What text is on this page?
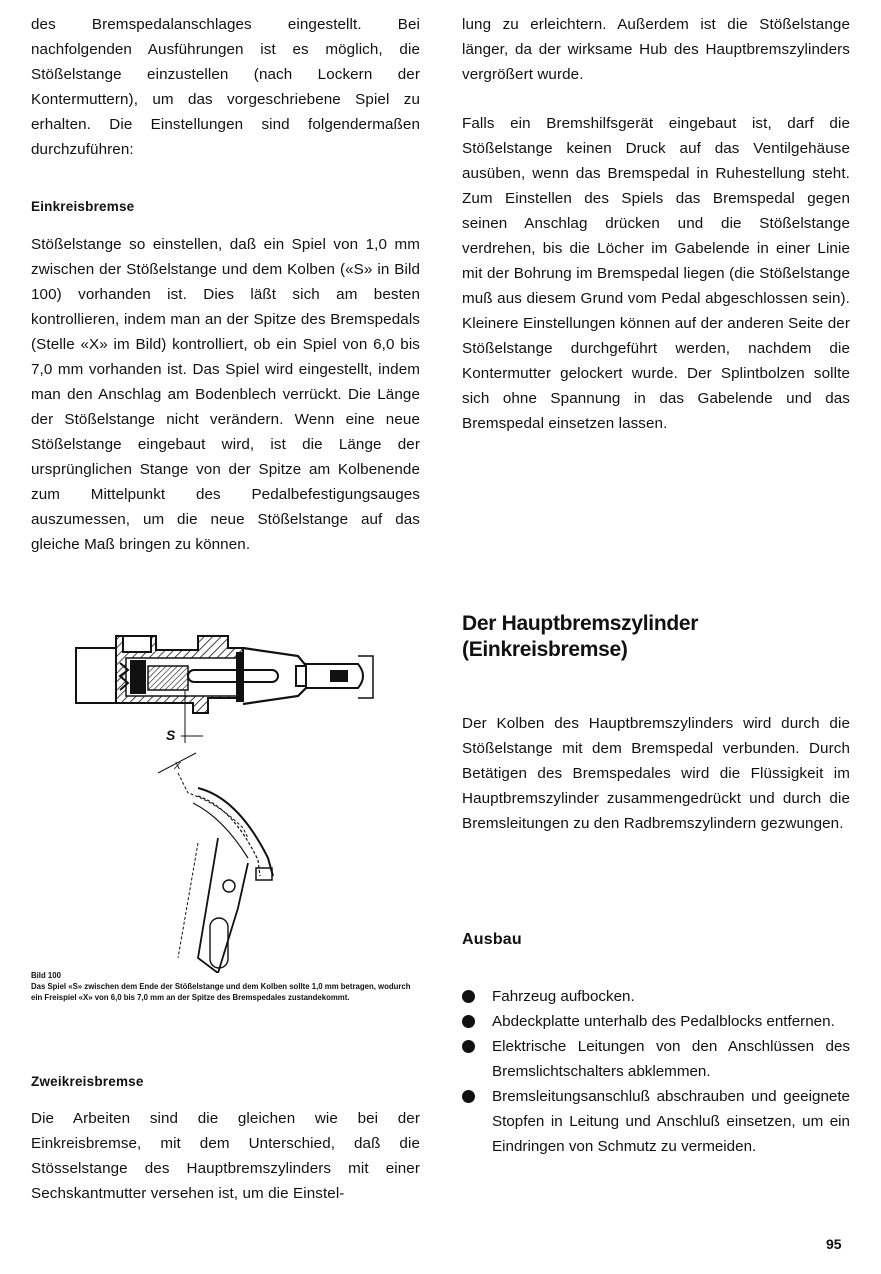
des Bremspedalanschlages eingestellt. Bei nachfolgenden Ausführungen ist es möglich, die Stößelstange einzustellen (nach Lockern der Kontermuttern), um das vorgeschriebene Spiel zu erhalten. Die Einstellungen sind folgendermaßen durchzuführen:

Einkreisbremse

Stößelstange so einstellen, daß ein Spiel von 1,0 mm zwischen der Stößelstange und dem Kolben («S» in Bild 100) vorhanden ist. Dies läßt sich am besten kontrollieren, indem man an der Spitze des Bremspedals (Stelle «X» im Bild) kontrolliert, ob ein Spiel von 6,0 bis 7,0 mm vorhanden ist. Das Spiel wird eingestellt, indem man den Anschlag am Bodenblech verrückt. Die Länge der Stößelstange nicht verändern. Wenn eine neue Stößelstange eingebaut wird, ist die Länge der ursprünglichen Stange von der Spitze am Kolbenende zum Mittelpunkt des Pedalbefestigungsauges auszumessen, um die neue Stößelstange auf das gleiche Maß bringen zu können.

Zweikreisbremse

Die Arbeiten sind die gleichen wie bei der Einkreisbremse, mit dem Unterschied, daß die Stösselstange des Hauptbremszylinders mit einer Sechskantmutter versehen ist, um die Einstel-

S
X

Bild 100
Das Spiel «S» zwischen dem Ende der Stößelstange und dem Kolben sollte 1,0 mm betragen, wodurch ein Freispiel «X» von 6,0 bis 7,0 mm an der Spitze des Bremspedales zustandekommt.

lung zu erleichtern. Außerdem ist die Stößelstange länger, da der wirksame Hub des Hauptbremszylinders vergrößert wurde.

Falls ein Bremshilfsgerät eingebaut ist, darf die Stößelstange keinen Druck auf das Ventilgehäuse ausüben, wenn das Bremspedal in Ruhestellung steht. Zum Einstellen des Spiels das Bremspedal gegen seinen Anschlag drücken und die Stößelstange verdrehen, bis die Löcher im Gabelende in einer Linie mit der Bohrung im Bremspedal liegen (die Stößelstange muß aus diesem Grund vom Pedal abgeschlossen sein). Kleinere Einstellungen können auf der anderen Seite der Stößelstange durchgeführt werden, nachdem die Kontermutter gelockert wurde. Der Splintbolzen sollte sich ohne Spannung in das Gabelende und das Bremspedal einsetzen lassen.

Der Hauptbremszylinder
(Einkreisbremse)

Der Kolben des Hauptbremszylinders wird durch die Stößelstange mit dem Bremspedal verbunden. Durch Betätigen des Bremspedales wird die Flüssigkeit im Hauptbremszylinder zusammengedrückt und durch die Bremsleitungen zu den Radbremszylindern gezwungen.

Ausbau
Fahrzeug aufbocken.
Abdeckplatte unterhalb des Pedalblocks entfernen.
Elektrische Leitungen von den Anschlüssen des Bremslichtschalters abklemmen.
Bremsleitungsanschluß abschrauben und geeignete Stopfen in Leitung und Anschluß einsetzen, um ein Eindringen von Schmutz zu vermeiden.
95
